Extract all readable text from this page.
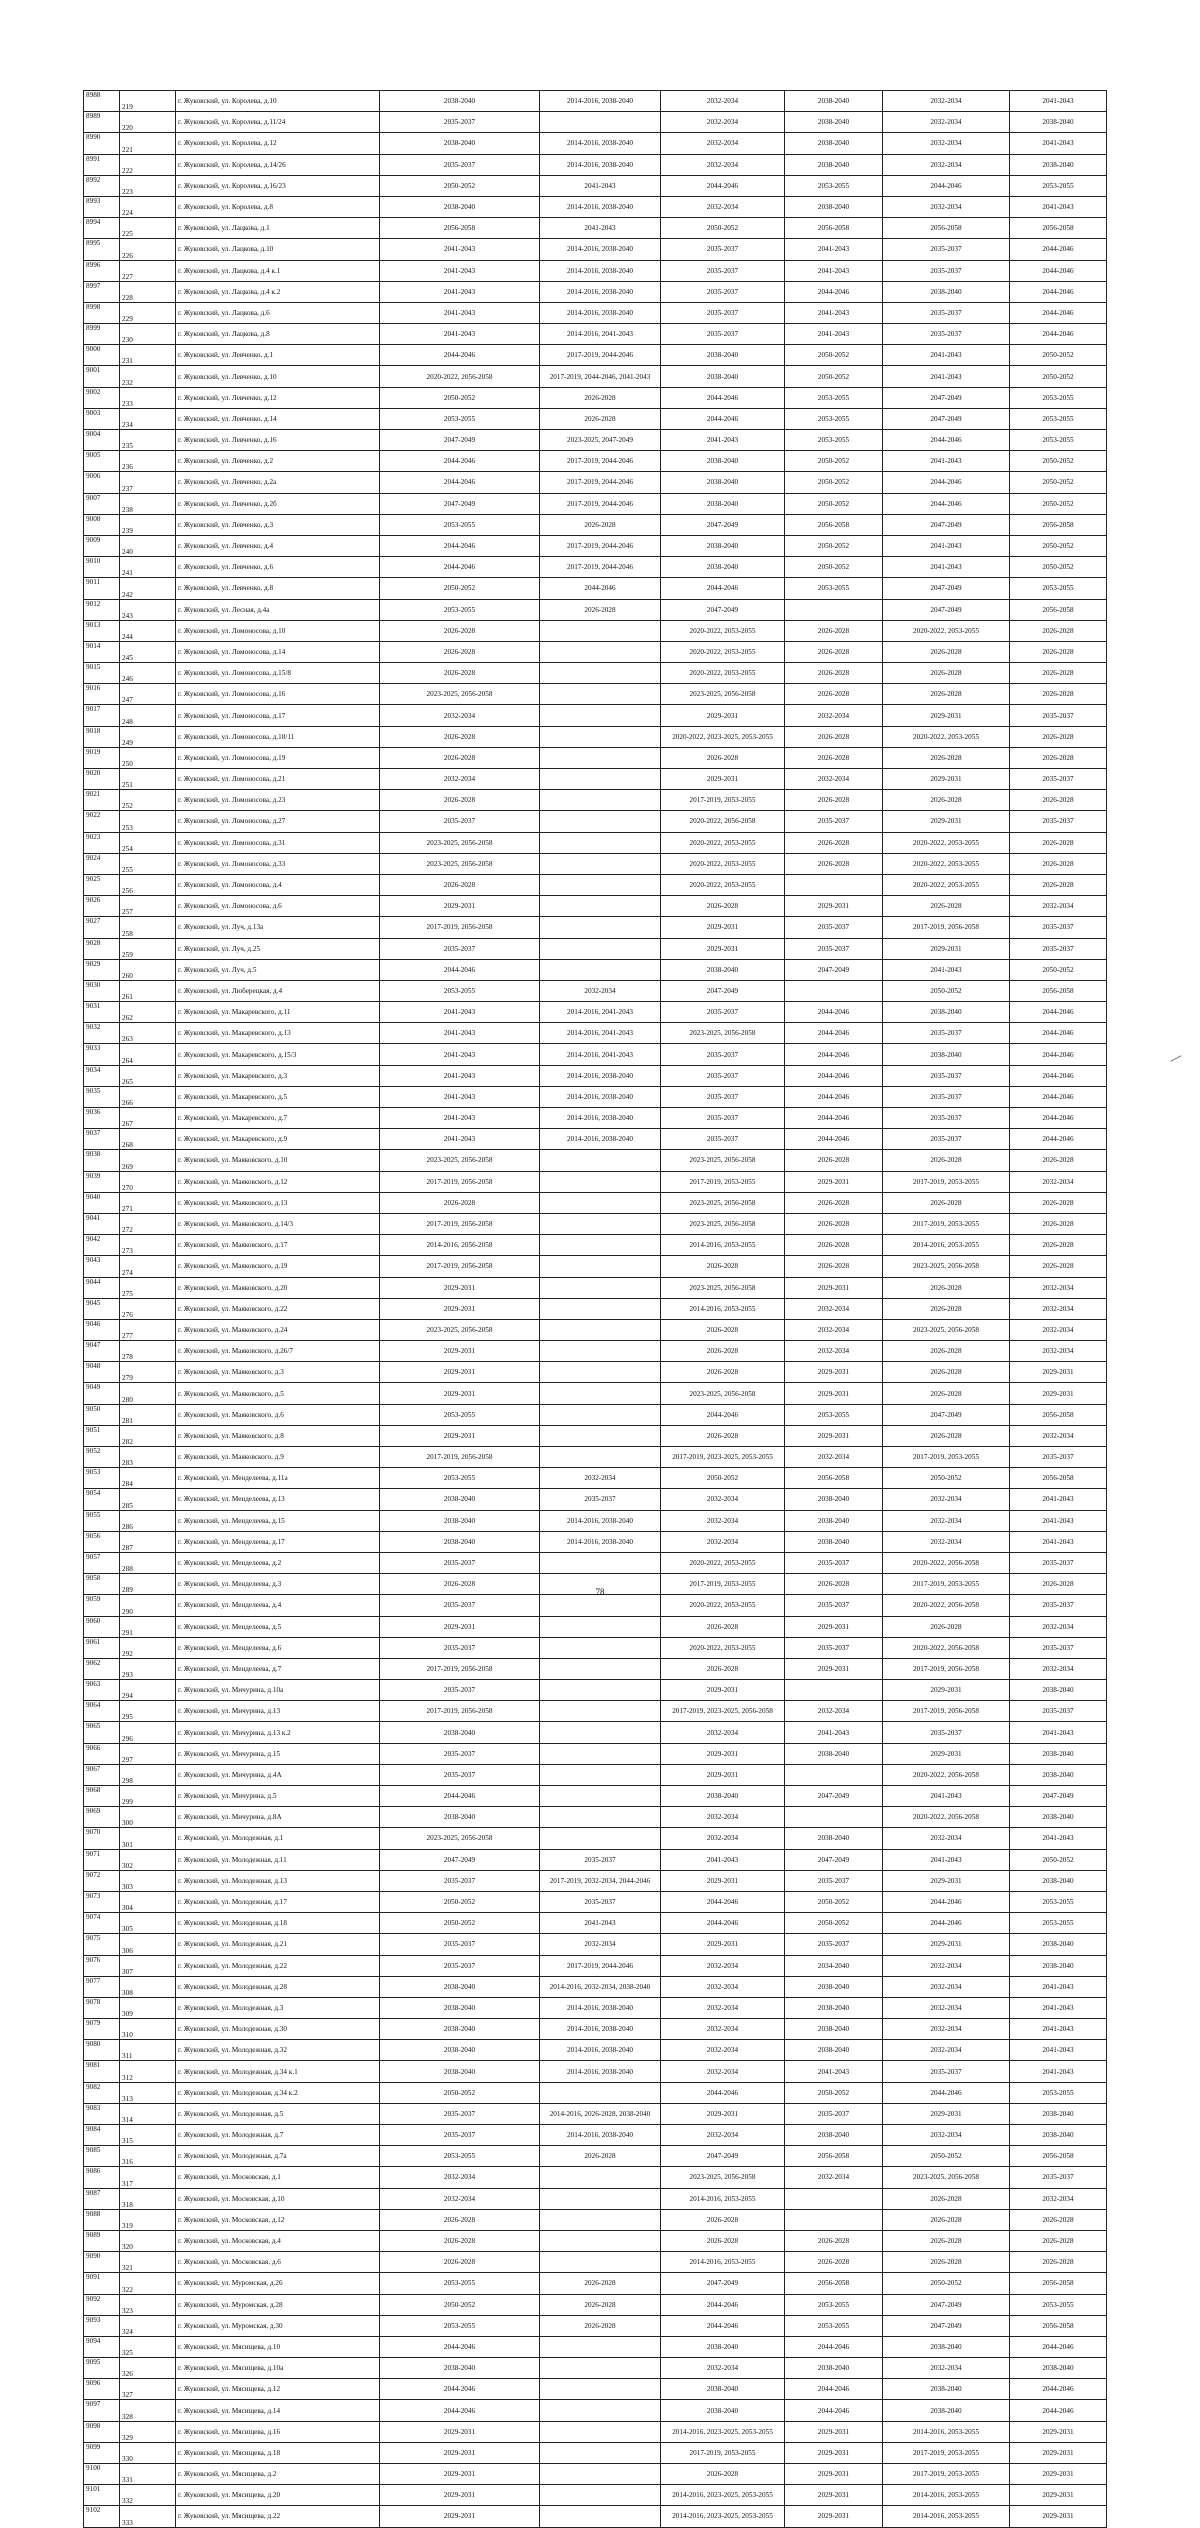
8988	219	г. Жуковский, ул. Королева, д.10	2038-2040	2014-2016, 2038-2040	2032-2034	2038-2040	2032-2034	2041-2043
8989	220	г. Жуковский, ул. Королева, д.11/24	2035-2037		2032-2034	2038-2040	2032-2034	2038-2040
8990	221	г. Жуковский, ул. Королева, д.12	2038-2040	2014-2016, 2038-2040	2032-2034	2038-2040	2032-2034	2041-2043
8991	222	г. Жуковский, ул. Королева, д.14/26	2035-2037	2014-2016, 2038-2040	2032-2034	2038-2040	2032-2034	2038-2040
8992	223	г. Жуковский, ул. Королева, д.16/23	2050-2052	2041-2043	2044-2046	2053-2055	2044-2046	2053-2055
8993	224	г. Жуковский, ул. Королева, д.8	2038-2040	2014-2016, 2038-2040	2032-2034	2038-2040	2032-2034	2041-2043
8994	225	г. Жуковский, ул. Лацкова, д.1	2056-2058	2041-2043	2050-2052	2056-2058	2056-2058	2056-2058
8995	226	г. Жуковский, ул. Лацкова, д.10	2041-2043	2014-2016, 2038-2040	2035-2037	2041-2043	2035-2037	2044-2046
8996	227	г. Жуковский, ул. Лацкова, д.4 к.1	2041-2043	2014-2016, 2038-2040	2035-2037	2041-2043	2035-2037	2044-2046
8997	228	г. Жуковский, ул. Лацкова, д.4 к.2	2041-2043	2014-2016, 2038-2040	2035-2037	2044-2046	2038-2040	2044-2046
8998	229	г. Жуковский, ул. Лацкова, д.6	2041-2043	2014-2016, 2038-2040	2035-2037	2041-2043	2035-2037	2044-2046
8999	230	г. Жуковский, ул. Лацкова, д.8	2041-2043	2014-2016, 2041-2043	2035-2037	2041-2043	2035-2037	2044-2046
9000	231	г. Жуковский, ул. Левченко, д.1	2044-2046	2017-2019, 2044-2046	2038-2040	2050-2052	2041-2043	2050-2052
9001	232	г. Жуковский, ул. Левченко, д.10	2020-2022, 2056-2058	2017-2019, 2044-2046, 2041-2043	2038-2040	2050-2052	2041-2043	2050-2052
9002	233	г. Жуковский, ул. Левченко, д.12	2050-2052	2026-2028	2044-2046	2053-2055	2047-2049	2053-2055
9003	234	г. Жуковский, ул. Левченко, д.14	2053-2055	2026-2028	2044-2046	2053-2055	2047-2049	2053-2055
9004	235	г. Жуковский, ул. Левченко, д.16	2047-2049	2023-2025, 2047-2049	2041-2043	2053-2055	2044-2046	2053-2055
9005	236	г. Жуковский, ул. Левченко, д.2	2044-2046	2017-2019, 2044-2046	2038-2040	2050-2052	2041-2043	2050-2052
9006	237	г. Жуковский, ул. Левченко, д.2а	2044-2046	2017-2019, 2044-2046	2038-2040	2050-2052	2044-2046	2050-2052
9007	238	г. Жуковский, ул. Левченко, д.2б	2047-2049	2017-2019, 2044-2046	2038-2040	2050-2052	2044-2046	2050-2052
9008	239	г. Жуковский, ул. Левченко, д.3	2053-2055	2026-2028	2047-2049	2056-2058	2047-2049	2056-2058
9009	240	г. Жуковский, ул. Левченко, д.4	2044-2046	2017-2019, 2044-2046	2038-2040	2050-2052	2041-2043	2050-2052
9010	241	г. Жуковский, ул. Левченко, д.6	2044-2046	2017-2019, 2044-2046	2038-2040	2050-2052	2041-2043	2050-2052
9011	242	г. Жуковский, ул. Левченко, д.8	2050-2052	2044-2046	2044-2046	2053-2055	2047-2049	2053-2055
9012	243	г. Жуковский, ул. Лесная, д.4а	2053-2055	2026-2028	2047-2049		2047-2049	2056-2058
9013	244	г. Жуковский, ул. Ломоносова, д.10	2026-2028		2020-2022, 2053-2055	2026-2028	2020-2022, 2053-2055	2026-2028
9014	245	г. Жуковский, ул. Ломоносова, д.14	2026-2028		2020-2022, 2053-2055	2026-2028	2026-2028	2026-2028
9015	246	г. Жуковский, ул. Ломоносова, д.15/8	2026-2028		2020-2022, 2053-2055	2026-2028	2026-2028	2026-2028
9016	247	г. Жуковский, ул. Ломоносова, д.16	2023-2025, 2056-2058		2023-2025, 2056-2058	2026-2028	2026-2028	2026-2028
9017	248	г. Жуковский, ул. Ломоносова, д.17	2032-2034		2029-2031	2032-2034	2029-2031	2035-2037
9018	249	г. Жуковский, ул. Ломоносова, д.18/11	2026-2028		2020-2022, 2023-2025, 2053-2055	2026-2028	2020-2022, 2053-2055	2026-2028
9019	250	г. Жуковский, ул. Ломоносова, д.19	2026-2028		2026-2028	2026-2028	2026-2028	2026-2028
9020	251	г. Жуковский, ул. Ломоносова, д.21	2032-2034		2029-2031	2032-2034	2029-2031	2035-2037
9021	252	г. Жуковский, ул. Ломоносова, д.23	2026-2028		2017-2019, 2053-2055	2026-2028	2026-2028	2026-2028
9022	253	г. Жуковский, ул. Ломоносова, д.27	2035-2037		2020-2022, 2056-2058	2035-2037	2029-2031	2035-2037
9023	254	г. Жуковский, ул. Ломоносова, д.31	2023-2025, 2056-2058		2020-2022, 2053-2055	2026-2028	2020-2022, 2053-2055	2026-2028
9024	255	г. Жуковский, ул. Ломоносова, д.33	2023-2025, 2056-2058		2020-2022, 2053-2055	2026-2028	2020-2022, 2053-2055	2026-2028
9025	256	г. Жуковский, ул. Ломоносова, д.4	2026-2028		2020-2022, 2053-2055		2020-2022, 2053-2055	2026-2028
9026	257	г. Жуковский, ул. Ломоносова, д.6	2029-2031		2026-2028	2029-2031	2026-2028	2032-2034
9027	258	г. Жуковский, ул. Луч, д.13а	2017-2019, 2056-2058		2029-2031	2035-2037	2017-2019, 2056-2058	2035-2037
9028	259	г. Жуковский, ул. Луч, д.25	2035-2037		2029-2031	2035-2037	2029-2031	2035-2037
9029	260	г. Жуковский, ул. Луч, д.5	2044-2046		2038-2040	2047-2049	2041-2043	2050-2052
9030	261	г. Жуковский, ул. Люберецкая, д.4	2053-2055	2032-2034	2047-2049		2050-2052	2056-2058
9031	262	г. Жуковский, ул. Макаревского, д.11	2041-2043	2014-2016, 2041-2043	2035-2037	2044-2046	2038-2040	2044-2046
9032	263	г. Жуковский, ул. Макаревского, д.13	2041-2043	2014-2016, 2041-2043	2023-2025, 2056-2058	2044-2046	2035-2037	2044-2046
9033	264	г. Жуковский, ул. Макаревского, д.15/3	2041-2043	2014-2016, 2041-2043	2035-2037	2044-2046	2038-2040	2044-2046
9034	265	г. Жуковский, ул. Макаревского, д.3	2041-2043	2014-2016, 2038-2040	2035-2037	2044-2046	2035-2037	2044-2046
9035	266	г. Жуковский, ул. Макаревского, д.5	2041-2043	2014-2016, 2038-2040	2035-2037	2044-2046	2035-2037	2044-2046
9036	267	г. Жуковский, ул. Макаревского, д.7	2041-2043	2014-2016, 2038-2040	2035-2037	2044-2046	2035-2037	2044-2046
9037	268	г. Жуковский, ул. Макаревского, д.9	2041-2043	2014-2016, 2038-2040	2035-2037	2044-2046	2035-2037	2044-2046
9038	269	г. Жуковский, ул. Маяковского, д.10	2023-2025, 2056-2058		2023-2025, 2056-2058	2026-2028	2026-2028	2026-2028
9039	270	г. Жуковский, ул. Маяковского, д.12	2017-2019, 2056-2058		2017-2019, 2053-2055	2029-2031	2017-2019, 2053-2055	2032-2034
9040	271	г. Жуковский, ул. Маяковского, д.13	2026-2028		2023-2025, 2056-2058	2026-2028	2026-2028	2026-2028
9041	272	г. Жуковский, ул. Маяковского, д.14/3	2017-2019, 2056-2058		2023-2025, 2056-2058	2026-2028	2017-2019, 2053-2055	2026-2028
9042	273	г. Жуковский, ул. Маяковского, д.17	2014-2016, 2056-2058		2014-2016, 2053-2055	2026-2028	2014-2016, 2053-2055	2026-2028
9043	274	г. Жуковский, ул. Маяковского, д.19	2017-2019, 2056-2058		2026-2028	2026-2028	2023-2025, 2056-2058	2026-2028
9044	275	г. Жуковский, ул. Маяковского, д.20	2029-2031		2023-2025, 2056-2058	2029-2031	2026-2028	2032-2034
9045	276	г. Жуковский, ул. Маяковского, д.22	2029-2031		2014-2016, 2053-2055	2032-2034	2026-2028	2032-2034
9046	277	г. Жуковский, ул. Маяковского, д.24	2023-2025, 2056-2058		2026-2028	2032-2034	2023-2025, 2056-2058	2032-2034
9047	278	г. Жуковский, ул. Маяковского, д.26/7	2029-2031		2026-2028	2032-2034	2026-2028	2032-2034
9048	279	г. Жуковский, ул. Маяковского, д.3	2029-2031		2026-2028	2029-2031	2026-2028	2029-2031
9049	280	г. Жуковский, ул. Маяковского, д.5	2029-2031		2023-2025, 2056-2058	2029-2031	2026-2028	2029-2031
9050	281	г. Жуковский, ул. Маяковского, д.6	2053-2055		2044-2046	2053-2055	2047-2049	2056-2058
9051	282	г. Жуковский, ул. Маяковского, д.8	2029-2031		2026-2028	2029-2031	2026-2028	2032-2034
9052	283	г. Жуковский, ул. Маяковского, д.9	2017-2019, 2056-2058		2017-2019, 2023-2025, 2053-2055	2032-2034	2017-2019, 2053-2055	2035-2037
9053	284	г. Жуковский, ул. Менделеева, д.11а	2053-2055	2032-2034	2050-2052	2056-2058	2050-2052	2056-2058
9054	285	г. Жуковский, ул. Менделеева, д.13	2038-2040	2035-2037	2032-2034	2038-2040	2032-2034	2041-2043
9055	286	г. Жуковский, ул. Менделеева, д.15	2038-2040	2014-2016, 2038-2040	2032-2034	2038-2040	2032-2034	2041-2043
9056	287	г. Жуковский, ул. Менделеева, д.17	2038-2040	2014-2016, 2038-2040	2032-2034	2038-2040	2032-2034	2041-2043
9057	288	г. Жуковский, ул. Менделеева, д.2	2035-2037		2020-2022, 2053-2055	2035-2037	2020-2022, 2056-2058	2035-2037
9058	289	г. Жуковский, ул. Менделеева, д.3	2026-2028		2017-2019, 2053-2055	2026-2028	2017-2019, 2053-2055	2026-2028
9059	290	г. Жуковский, ул. Менделеева, д.4	2035-2037		2020-2022, 2053-2055	2035-2037	2020-2022, 2056-2058	2035-2037
9060	291	г. Жуковский, ул. Менделеева, д.5	2029-2031		2026-2028	2029-2031	2026-2028	2032-2034
9061	292	г. Жуковский, ул. Менделеева, д.6	2035-2037		2020-2022, 2053-2055	2035-2037	2020-2022, 2056-2058	2035-2037
9062	293	г. Жуковский, ул. Менделеева, д.7	2017-2019, 2056-2058		2026-2028	2029-2031	2017-2019, 2056-2058	2032-2034
9063	294	г. Жуковский, ул. Мичурина, д.10а	2035-2037		2029-2031		2029-2031	2038-2040
9064	295	г. Жуковский, ул. Мичурина, д.13	2017-2019, 2056-2058		2017-2019, 2023-2025, 2056-2058	2032-2034	2017-2019, 2056-2058	2035-2037
9065	296	г. Жуковский, ул. Мичурина, д.13 к.2	2038-2040		2032-2034	2041-2043	2035-2037	2041-2043
9066	297	г. Жуковский, ул. Мичурина, д.15	2035-2037		2029-2031	2038-2040	2029-2031	2038-2040
9067	298	г. Жуковский, ул. Мичурина, д.4А	2035-2037		2029-2031		2020-2022, 2056-2058	2038-2040
9068	299	г. Жуковский, ул. Мичурина, д.5	2044-2046		2038-2040	2047-2049	2041-2043	2047-2049
9069	300	г. Жуковский, ул. Мичурина, д.8А	2038-2040		2032-2034		2020-2022, 2056-2058	2038-2040
9070	301	г. Жуковский, ул. Молодежная, д.1	2023-2025, 2056-2058		2032-2034	2038-2040	2032-2034	2041-2043
9071	302	г. Жуковский, ул. Молодежная, д.11	2047-2049	2035-2037	2041-2043	2047-2049	2041-2043	2050-2052
9072	303	г. Жуковский, ул. Молодежная, д.13	2035-2037	2017-2019, 2032-2034, 2044-2046	2029-2031	2035-2037	2029-2031	2038-2040
9073	304	г. Жуковский, ул. Молодежная, д.17	2050-2052	2035-2037	2044-2046	2050-2052	2044-2046	2053-2055
9074	305	г. Жуковский, ул. Молодежная, д.18	2050-2052	2041-2043	2044-2046	2050-2052	2044-2046	2053-2055
9075	306	г. Жуковский, ул. Молодежная, д.21	2035-2037	2032-2034	2029-2031	2035-2037	2029-2031	2038-2040
9076	307	г. Жуковский, ул. Молодежная, д.22	2035-2037	2017-2019, 2044-2046	2032-2034	2034-2040	2032-2034	2038-2040
9077	308	г. Жуковский, ул. Молодежная, д.28	2038-2040	2014-2016, 2032-2034, 2038-2040	2032-2034	2038-2040	2032-2034	2041-2043
9078	309	г. Жуковский, ул. Молодежная, д.3	2038-2040	2014-2016, 2038-2040	2032-2034	2038-2040	2032-2034	2041-2043
9079	310	г. Жуковский, ул. Молодежная, д.30	2038-2040	2014-2016, 2038-2040	2032-2034	2038-2040	2032-2034	2041-2043
9080	311	г. Жуковский, ул. Молодежная, д.32	2038-2040	2014-2016, 2038-2040	2032-2034	2038-2040	2032-2034	2041-2043
9081	312	г. Жуковский, ул. Молодежная, д.34 к.1	2038-2040	2014-2016, 2038-2040	2032-2034	2041-2043	2035-2037	2041-2043
9082	313	г. Жуковский, ул. Молодежная, д.34 к.2	2050-2052		2044-2046	2050-2052	2044-2046	2053-2055
9083	314	г. Жуковский, ул. Молодежная, д.5	2035-2037	2014-2016, 2026-2028, 2038-2040	2029-2031	2035-2037	2029-2031	2038-2040
9084	315	г. Жуковский, ул. Молодежная, д.7	2035-2037	2014-2016, 2038-2040	2032-2034	2038-2040	2032-2034	2038-2040
9085	316	г. Жуковский, ул. Молодежная, д.7а	2053-2055	2026-2028	2047-2049	2056-2058	2050-2052	2056-2058
9086	317	г. Жуковский, ул. Московская, д.1	2032-2034		2023-2025, 2056-2058	2032-2034	2023-2025, 2056-2058	2035-2037
9087	318	г. Жуковский, ул. Московская, д.10	2032-2034		2014-2016, 2053-2055		2026-2028	2032-2034
9088	319	г. Жуковский, ул. Московская, д.12	2026-2028		2026-2028		2026-2028	2026-2028
9089	320	г. Жуковский, ул. Московская, д.4	2026-2028		2026-2028	2026-2028	2026-2028	2026-2028
9090	321	г. Жуковский, ул. Московская, д.6	2026-2028		2014-2016, 2053-2055	2026-2028	2026-2028	2026-2028
9091	322	г. Жуковский, ул. Муромская, д.26	2053-2055	2026-2028	2047-2049	2056-2058	2050-2052	2056-2058
9092	323	г. Жуковский, ул. Муромская, д.28	2050-2052	2026-2028	2044-2046	2053-2055	2047-2049	2053-2055
9093	324	г. Жуковский, ул. Муромская, д.30	2053-2055	2026-2028	2044-2046	2053-2055	2047-2049	2056-2058
9094	325	г. Жуковский, ул. Мясищева, д.10	2044-2046		2038-2040	2044-2046	2038-2040	2044-2046
9095	326	г. Жуковский, ул. Мясищева, д.10а	2038-2040		2032-2034	2038-2040	2032-2034	2038-2040
9096	327	г. Жуковский, ул. Мясищева, д.12	2044-2046		2038-2040	2044-2046	2038-2040	2044-2046
9097	328	г. Жуковский, ул. Мясищева, д.14	2044-2046		2038-2040	2044-2046	2038-2040	2044-2046
9098	329	г. Жуковский, ул. Мясищева, д.16	2029-2031		2014-2016, 2023-2025, 2053-2055	2029-2031	2014-2016, 2053-2055	2029-2031
9099	330	г. Жуковский, ул. Мясищева, д.18	2029-2031		2017-2019, 2053-2055	2029-2031	2017-2019, 2053-2055	2029-2031
9100	331	г. Жуковский, ул. Мясищева, д.2	2029-2031		2026-2028	2029-2031	2017-2019, 2053-2055	2029-2031
9101	332	г. Жуковский, ул. Мясищева, д.20	2029-2031		2014-2016, 2023-2025, 2053-2055	2029-2031	2014-2016, 2053-2055	2029-2031
9102	333	г. Жуковский, ул. Мясищева, д.22	2029-2031		2014-2016, 2023-2025, 2053-2055	2029-2031	2014-2016, 2053-2055	2029-2031
78
